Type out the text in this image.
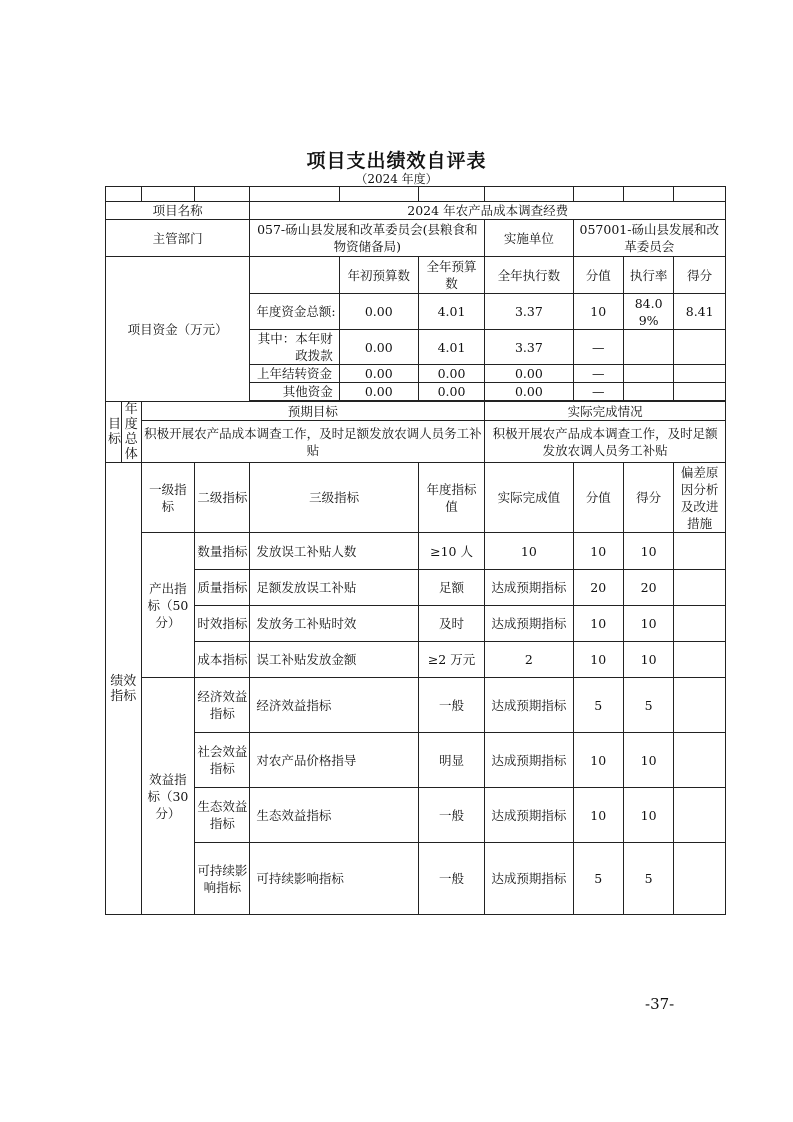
项目支出绩效自评表
（2024 年度）

项目名称				2024 年农产品成本调查经费						
主管部门				057-砀山县发展和改革委员会(县粮食和物资储备局)			实施单位	057001-砀山县发展和改革委员会		
项目资金（万元）					年初预算数	全年预算数	全年执行数	分值	执行率	得分
				年度资金总额:	0.00	4.01	3.37	10	84.09%	8.41
				其中：本年财政拨款	0.00	4.01	3.37	—		
				上年结转资金	0.00	0.00	0.00	—		
				其他资金	0.00	0.00	0.00	—		

目标	年度总体	预期目标					实际完成情况			
		积极开展农产品成本调查工作，及时足额发放农调人员务工补贴					积极开展农产品成本调查工作，及时足额发放农调人员务工补贴			
绩效指标		一级指标	二级指标	三级指标		年度指标值	实际完成值	分值	得分	偏差原因分析及改进措施
		产出指标（50分）	数量指标	发放误工补贴人数		≥10 人	10	10	10	
			质量指标	足额发放误工补贴		足额	达成预期指标	20	20	
			时效指标	发放务工补贴时效		及时	达成预期指标	10	10	
			成本指标	误工补贴发放金额		≥2 万元	2	10	10	
		效益指标（30分）	经济效益指标	经济效益指标		一般	达成预期指标	5	5	
			社会效益指标	对农产品价格指导		明显	达成预期指标	10	10	
			生态效益指标	生态效益指标		一般	达成预期指标	10	10	
			可持续影响指标	可持续影响指标		一般	达成预期指标	5	5	
-37-
